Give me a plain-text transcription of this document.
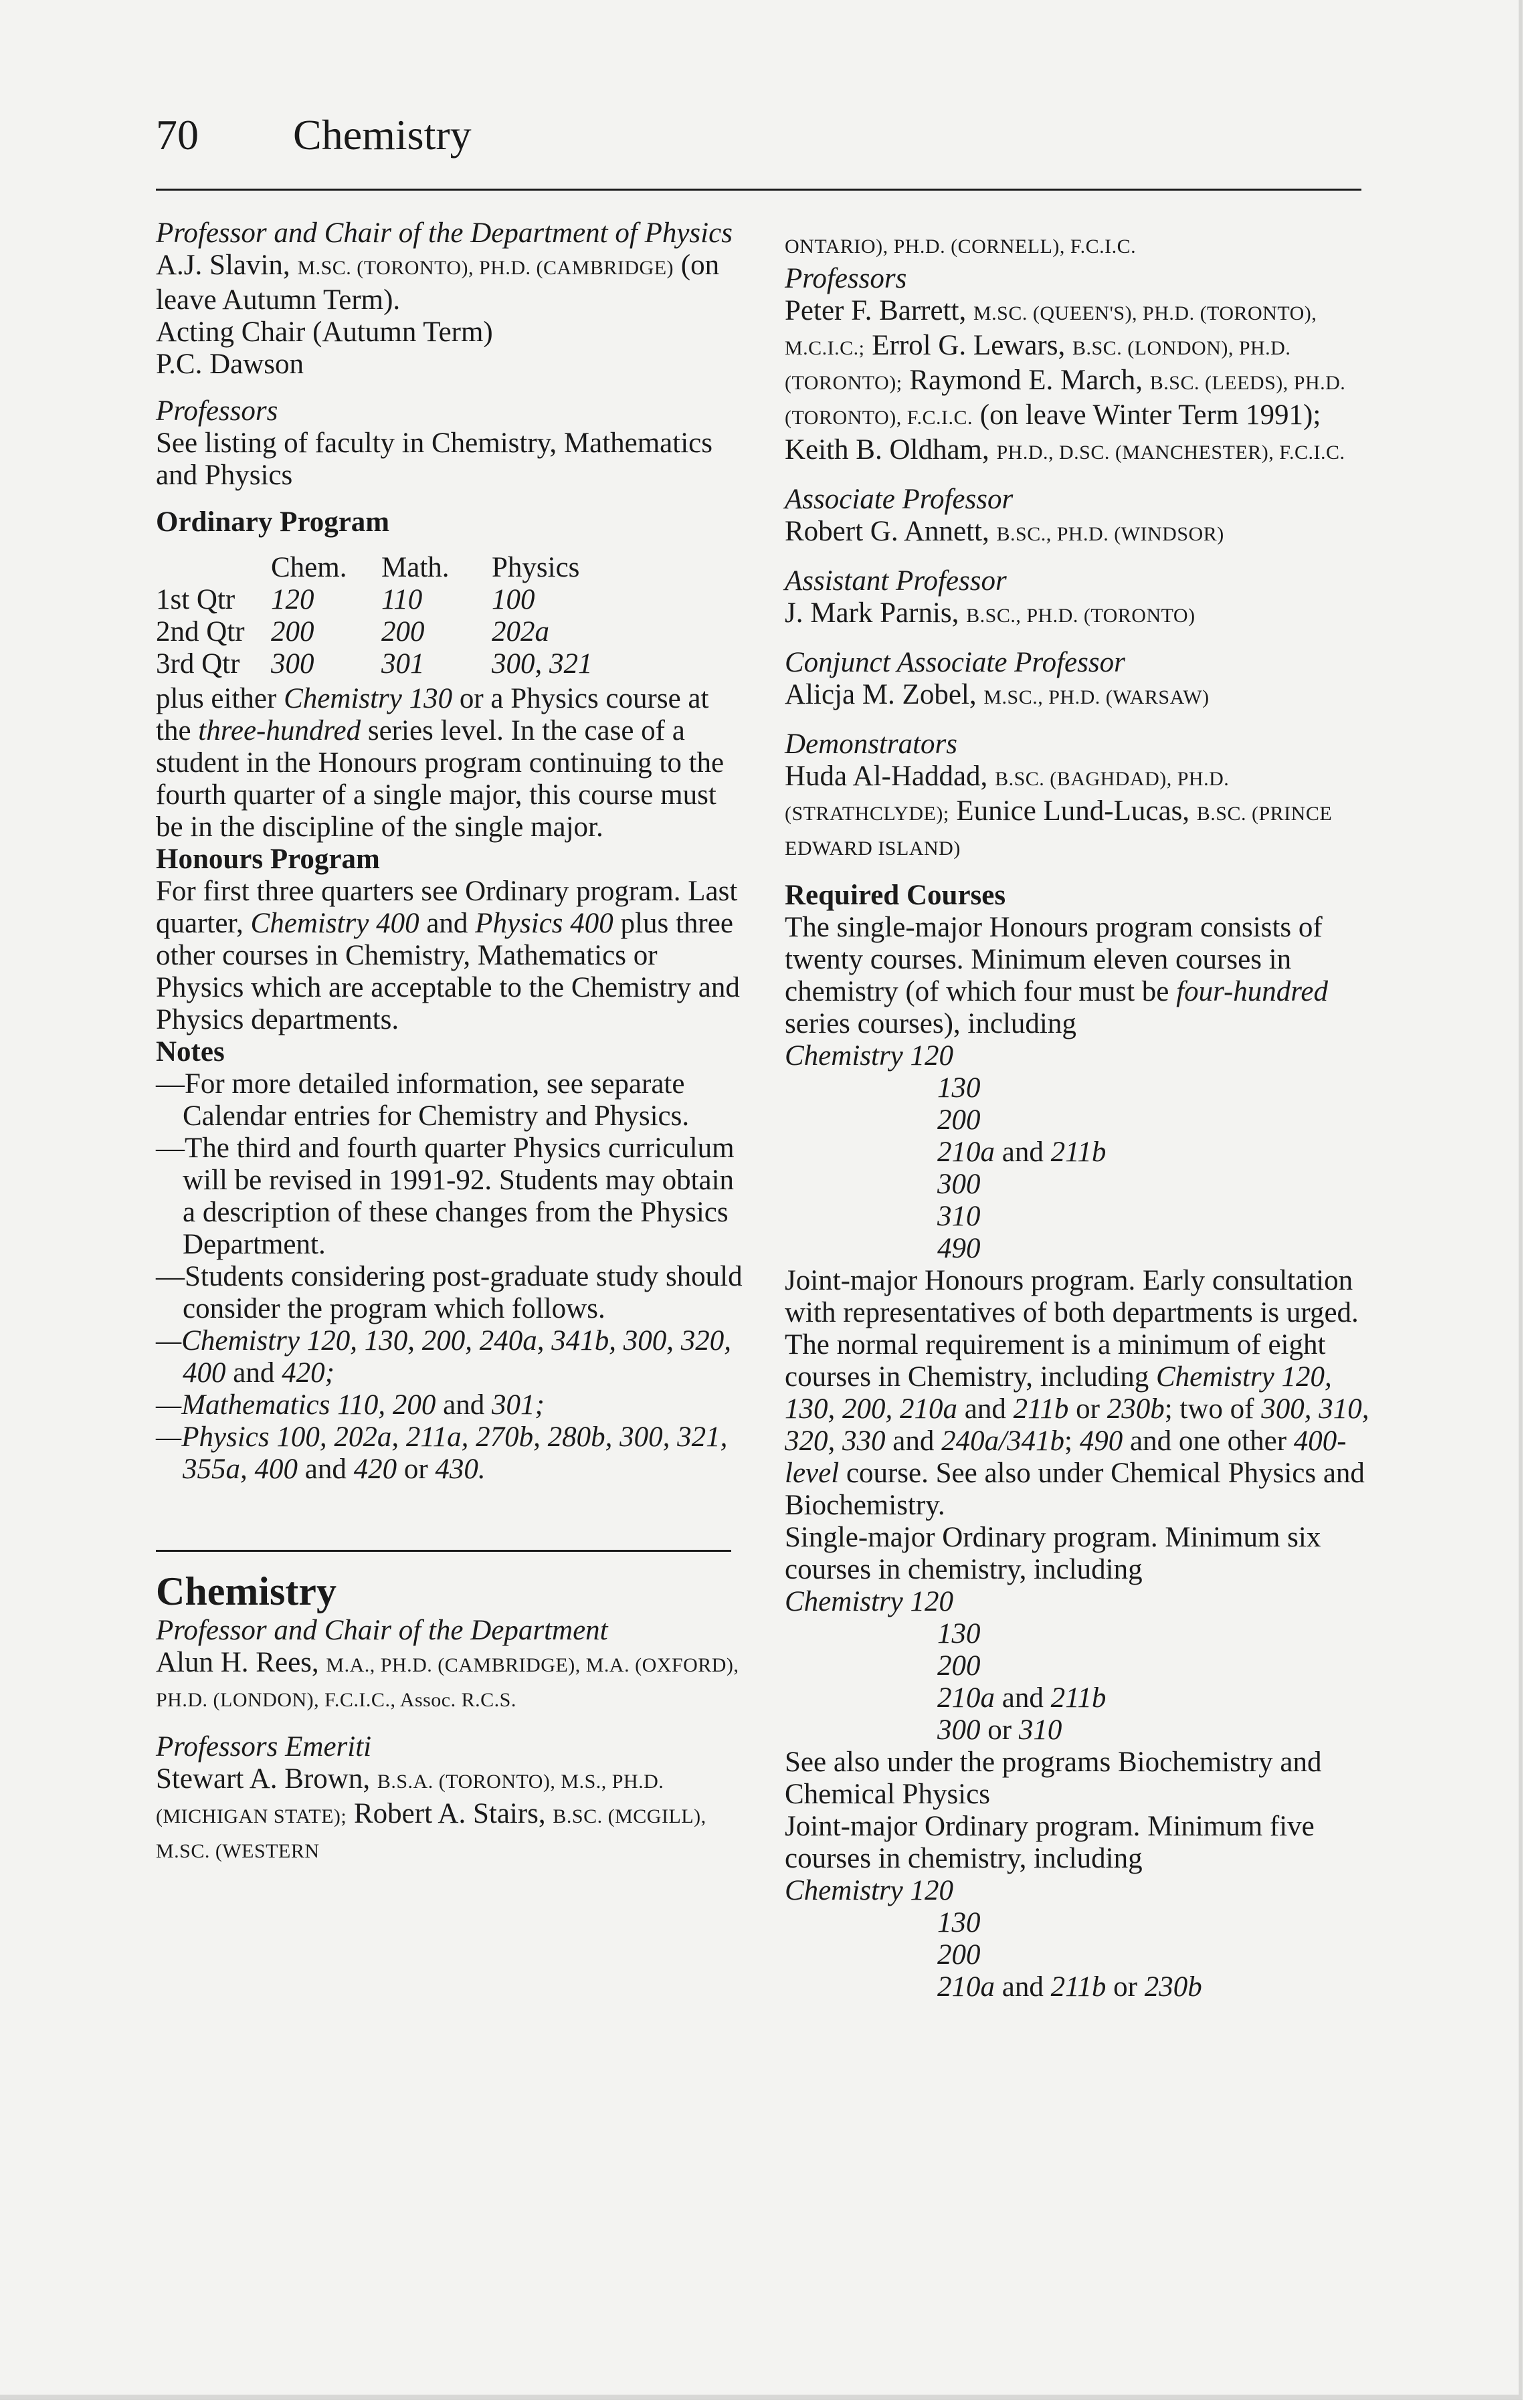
70 Chemistry

Professor and Chair of the Department of Physics

A.J. Slavin, M.SC. (TORONTO), PH.D. (CAMBRIDGE) (on leave Autumn Term).

Acting Chair (Autumn Term)

P.C. Dawson

Professors

See listing of faculty in Chemistry, Mathematics and Physics

Ordinary Program

	Chem.	Math.	Physics
1st Qtr	120	110	100
2nd Qtr	200	200	202a
3rd Qtr	300	301	300, 321

plus either Chemistry 130 or a Physics course at the three-hundred series level. In the case of a student in the Honours program continuing to the fourth quarter of a single major, this course must be in the discipline of the single major.

Honours Program

For first three quarters see Ordinary program. Last quarter, Chemistry 400 and Physics 400 plus three other courses in Chemistry, Mathematics or Physics which are acceptable to the Chemistry and Physics departments.

Notes

—For more detailed information, see separate Calendar entries for Chemistry and Physics.

—The third and fourth quarter Physics curriculum will be revised in 1991-92. Students may obtain a description of these changes from the Physics Department.

—Students considering post-graduate study should consider the program which follows.

—Chemistry 120, 130, 200, 240a, 341b, 300, 320, 400 and 420;

—Mathematics 110, 200 and 301;

—Physics 100, 202a, 211a, 270b, 280b, 300, 321, 355a, 400 and 420 or 430.

Chemistry

Professor and Chair of the Department

Alun H. Rees, M.A., PH.D. (CAMBRIDGE), M.A. (OXFORD), PH.D. (LONDON), F.C.I.C., Assoc. R.C.S.

Professors Emeriti

Stewart A. Brown, B.S.A. (TORONTO), M.S., PH.D. (MICHIGAN STATE); Robert A. Stairs, B.SC. (MCGILL), M.SC. (WESTERN

ONTARIO), PH.D. (CORNELL), F.C.I.C.

Professors

Peter F. Barrett, M.SC. (QUEEN'S), PH.D. (TORONTO), M.C.I.C.; Errol G. Lewars, B.SC. (LONDON), PH.D. (TORONTO); Raymond E. March, B.SC. (LEEDS), PH.D. (TORONTO), F.C.I.C. (on leave Winter Term 1991); Keith B. Oldham, PH.D., D.SC. (MANCHESTER), F.C.I.C.

Associate Professor

Robert G. Annett, B.SC., PH.D. (WINDSOR)

Assistant Professor

J. Mark Parnis, B.SC., PH.D. (TORONTO)

Conjunct Associate Professor

Alicja M. Zobel, M.SC., PH.D. (WARSAW)

Demonstrators

Huda Al-Haddad, B.SC. (BAGHDAD), PH.D. (STRATHCLYDE); Eunice Lund-Lucas, B.SC. (PRINCE EDWARD ISLAND)

Required Courses

The single-major Honours program consists of twenty courses. Minimum eleven courses in chemistry (of which four must be four-hundred series courses), including

Chemistry 120
130
200
210a and 211b
300
310
490

Joint-major Honours program. Early consultation with representatives of both departments is urged. The normal requirement is a minimum of eight courses in Chemistry, including Chemistry 120, 130, 200, 210a and 211b or 230b; two of 300, 310, 320, 330 and 240a/341b; 490 and one other 400-level course. See also under Chemical Physics and Biochemistry.

Single-major Ordinary program. Minimum six courses in chemistry, including

Chemistry 120
130
200
210a and 211b
300 or 310

See also under the programs Biochemistry and Chemical Physics

Joint-major Ordinary program. Minimum five courses in chemistry, including

Chemistry 120
130
200
210a and 211b or 230b
